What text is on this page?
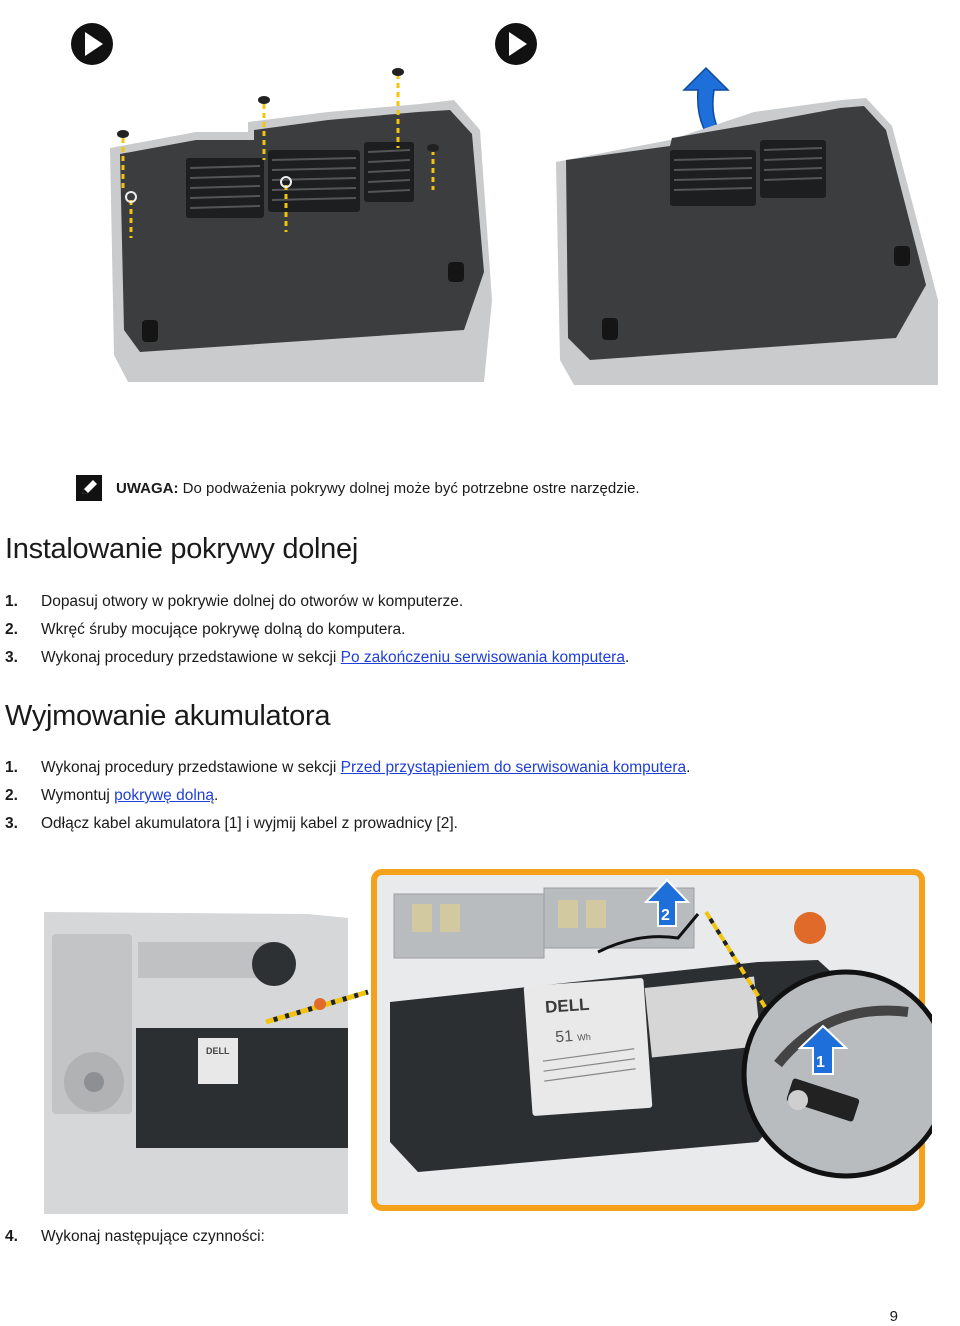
UWAGA: Do podważenia pokrywy dolnej może być potrzebne ostre narzędzie.
Instalowanie pokrywy dolnej
1. Dopasuj otwory w pokrywie dolnej do otworów w komputerze.
2. Wkręć śruby mocujące pokrywę dolną do komputera.
3. Wykonaj procedury przedstawione w sekcji Po zakończeniu serwisowania komputera.
Wyjmowanie akumulatora
1. Wykonaj procedury przedstawione w sekcji Przed przystąpieniem do serwisowania komputera.
2. Wymontuj pokrywę dolną.
3. Odłącz kabel akumulatora [1] i wyjmij kabel z prowadnicy [2].
DELL
DELL
51 Wh
1
2
4. Wykonaj następujące czynności:
9
